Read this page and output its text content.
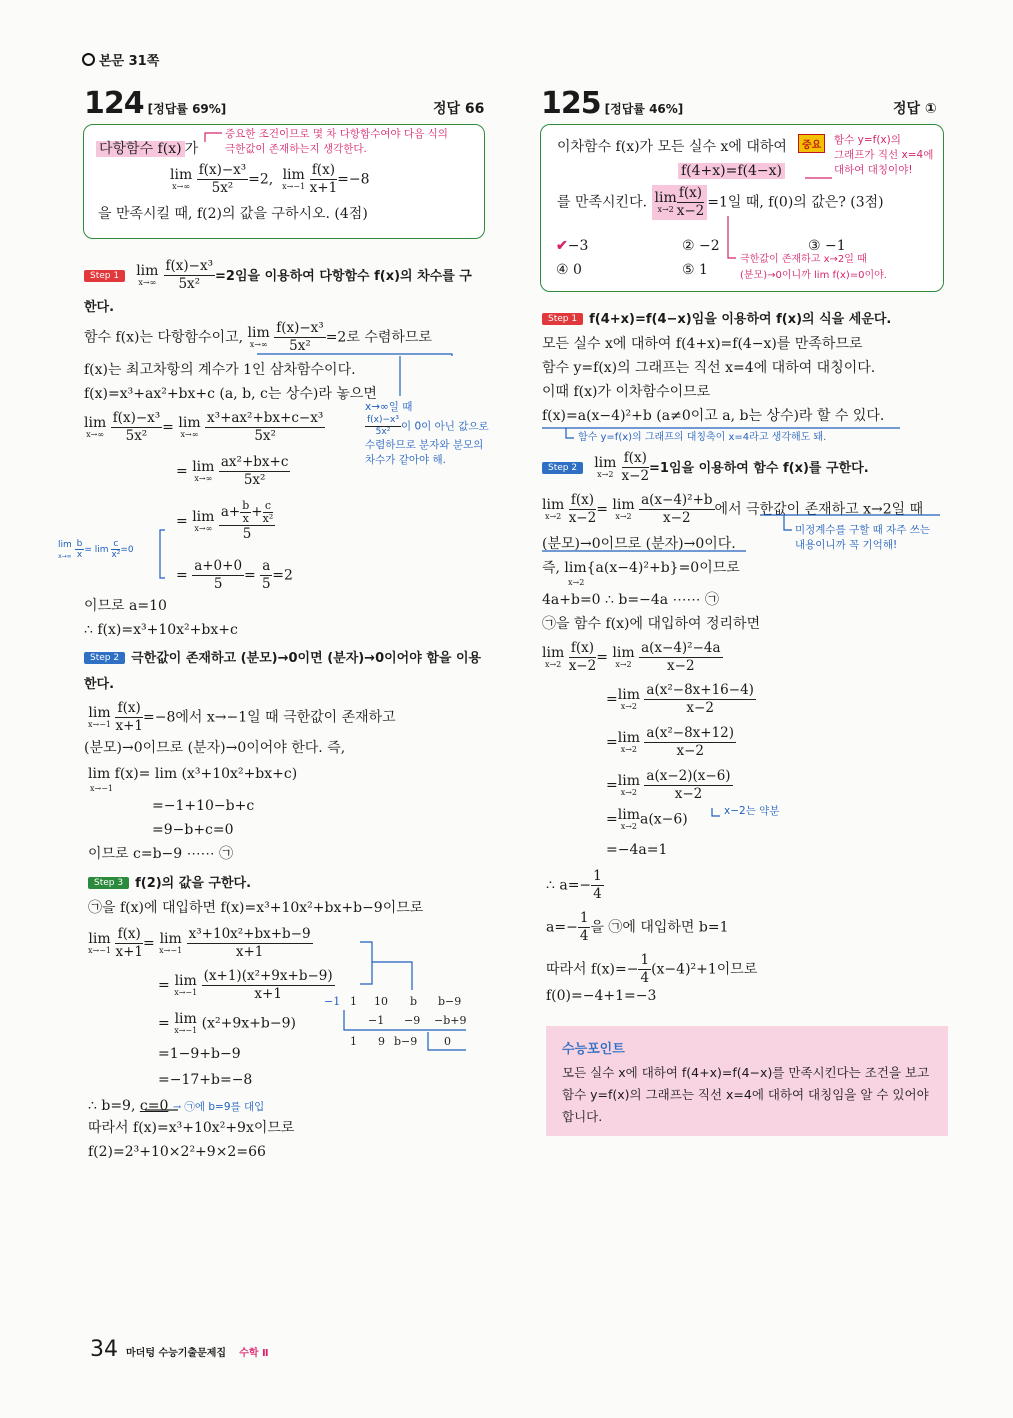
본문 31쪽
124 [정답률 69%]	정답 66
다항함수 f(x) 가
중요한 조건이므로 몇 차 다항함수여야 다음 식의
극한값이 존재하는지 생각한다.
lim
x→∞
$\frac{\text{f(x)−x³}}{\text{5x²}} =2$, lim
x→−1
$\frac{f(x)}{x+1} =-8$
을 만족시킬 때, f(2)의 값을 구하시오. (4점)
Step 1 lim
x→∞
$\frac{\text{f(x)−x³}}{\text{5x²}} =2$임을 이용하여 다항함수 f(x)의 차수를 구
한다.
함수 f(x)는 다항함수이고, lim
x→∞
$\frac{\text{f(x)−x³}}{\text{5x²}} =2$로 수렴하므로
f(x)는 최고차항의 계수가 1인 삼차함수이다.
f(x)=x³+ax²+bx+c (a, b, c는 상수)라 놓으면
x→∞일 때
$\frac{\text{f(x)−x³}}{\text{5x²}}$ 이 0이 아닌 값으로
수렴하므로 분자와 분모의
차수가 같아야 해.
lim
x→∞
$\frac{\text{f(x)−x³}}{\text{5x²}} = \lim$
x→∞
$\frac{\text{x³+ax²+bx+c−x³}}{\text{5x²}}$
= lim
x→∞
$\frac{\text{ax²+bx+c}}{\text{5x²}}$
= lim
x→∞
$\frac{a+ \frac{b}{x} + \frac{c}{\text{x²}}}{5}$
= $\frac{a+0+0}{5} = \frac{a}{5} =2$
lim
x→∞
$\frac{b}{x} = \lim \frac{c}{\text{x²}} =0$
이므로 a=10
∴ f(x)=x³+10x²+bx+c
Step 2 극한값이 존재하고 (분모)→0이면 (분자)→0이어야 함을 이용
한다.
lim
x→−1
$\frac{f(x)}{x+1} =-8$에서 x→−1일 때 극한값이 존재하고
(분모)→0이므로 (분자)→0이어야 한다. 즉,
lim f(x)= lim (x³+10x²+bx+c)
x→−1
=−1+10−b+c
=9−b+c=0
이므로 c=b−9 ⋯⋯ ㉠
Step 3 f(2)의 값을 구한다.
㉠을 f(x)에 대입하면 f(x)=x³+10x²+bx+b−9이므로
lim
x→−1
$\frac{f(x)}{x+1} = \lim$
x→−1
$\frac{\text{x³+10x²+bx+b−9}}{x+1}$
= lim
x→−1
$\frac{\text{(x+1)(x²+9x+b−9)}}{x+1}$
= lim
x→−1 (x²+9x+b−9)
=1−9+b−9
=−17+b=−8
−1 1 10 b b−9
−1 −9 −b+9
1 9 b−9 0
∴ b=9, c=0 → ㉠에 b=9를 대입
따라서 f(x)=x³+10x²+9x이므로
f(2)=2³+10×2²+9×2=66
125 [정답률 46%]	정답 ①
이차함수 f(x)가 모든 실수 x에 대하여	중요	함수 y=f(x)의
그래프가 직선 x=4에
대하여 대칭이야!
f(4+x)=f(4−x)
를 만족시킨다. lim
$x\to 2 \frac{f(x)}{x-2} =1$일 때, f(0)의 값은? (3점)
✔−3	② −2	③ −1
④ 0	⑤ 1
극한값이 존재하고 x→2일 때
(분모)→0이니까 lim f(x)=0이야.
Step 1 f(4+x)=f(4−x)임을 이용하여 f(x)의 식을 세운다.
모든 실수 x에 대하여 f(4+x)=f(4−x)를 만족하므로
함수 y=f(x)의 그래프는 직선 x=4에 대하여 대칭이다.
이때 f(x)가 이차함수이므로
f(x)=a(x−4)²+b (a≠0이고 a, b는 상수)라 할 수 있다.
함수 y=f(x)의 그래프의 대칭축이 x=4라고 생각해도 돼.
Step 2 lim
x→2
$\frac{f(x)}{x-2} =1$임을 이용하여 함수 f(x)를 구한다.
lim
x→2
$\frac{f(x)}{x-2} = \lim$
x→2
$\frac{\text{a(x−4)²+b}}{x-2}$ 에서 극한값이 존재하고 x→2일 때
미정계수를 구할 때 자주 쓰는
내용이니까 꼭 기억해!
(분모)→0이므로 (분자)→0이다.
즉, lim{a(x−4)²+b}=0이므로
x→2
4a+b=0 ∴ b=−4a ⋯⋯ ㉠
㉠을 함수 f(x)에 대입하여 정리하면
lim
x→2
$\frac{f(x)}{x-2} = \lim$
x→2
$\frac{\text{a(x−4)²−4a}}{x-2}$
=lim
x→2
$\frac{\text{a(x²−8x+16−4)}}{x-2}$
=lim
x→2
$\frac{\text{a(x²−8x+12)}}{x-2}$
=lim
x→2
$\frac{a(x-2)(x-6)}{x-2}$
=lim
x→2 a(x−6)
x−2는 약분
=−4a=1
∴ $a=- \frac{1}{4}$
$a=- \frac{1}{4}$ 을 ㉠에 대입하면 b=1
따라서 $f(x)=- \frac{1}{4} (x-4)^2+1$이므로
f(0)=−4+1=−3
수능포인트
모든 실수 x에 대하여 f(4+x)=f(4−x)를 만족시킨다는 조건을 보고 함수 y=f(x)의 그래프는 직선 x=4에 대하여 대칭임을 알 수 있어야 합니다.
34 마더텅 수능기출문제집 수학 Ⅱ
